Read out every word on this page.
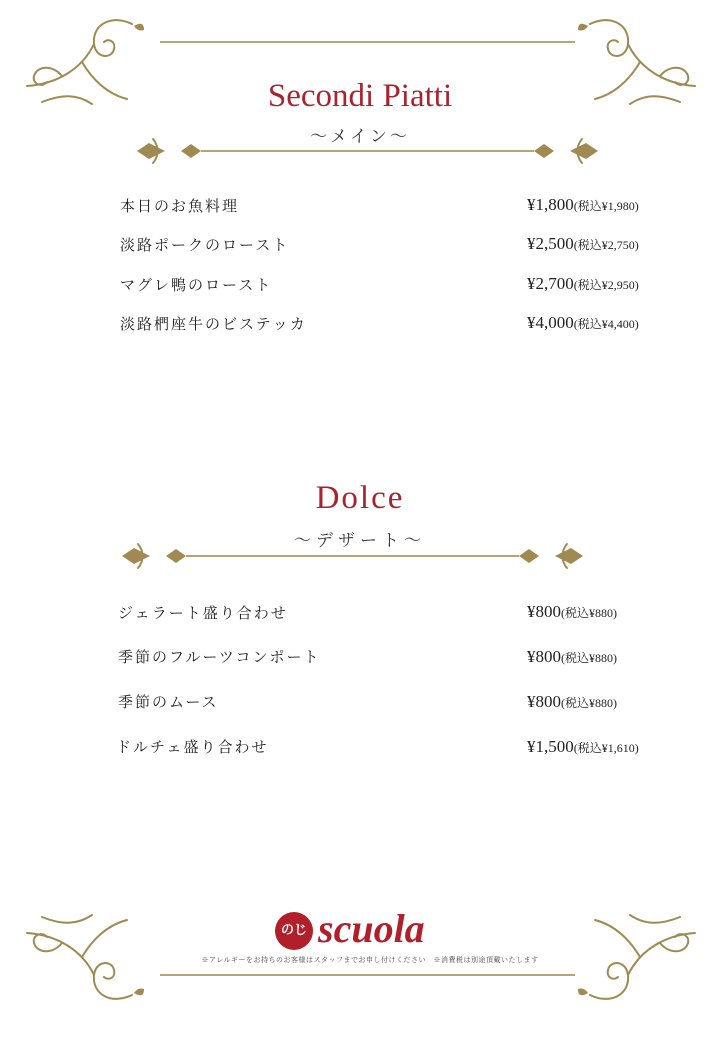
Secondi Piatti
〜メイン〜
本日のお魚料理	¥1,800(税込¥1,980)
淡路ポークのロースト	¥2,500(税込¥2,750)
マグレ鴨のロースト	¥2,700(税込¥2,950)
淡路椚座牛のビステッカ	¥4,000(税込¥4,400)
Dolce
〜デザート〜
ジェラート盛り合わせ	¥800(税込¥880)
季節のフルーツコンポート	¥800(税込¥880)
季節のムース	¥800(税込¥880)
ドルチェ盛り合わせ	¥1,500(税込¥1,610)
のじま
scuola
※アレルギーをお持ちのお客様はスタッフまでお申し付けください　※消費税は別途頂戴いたします
